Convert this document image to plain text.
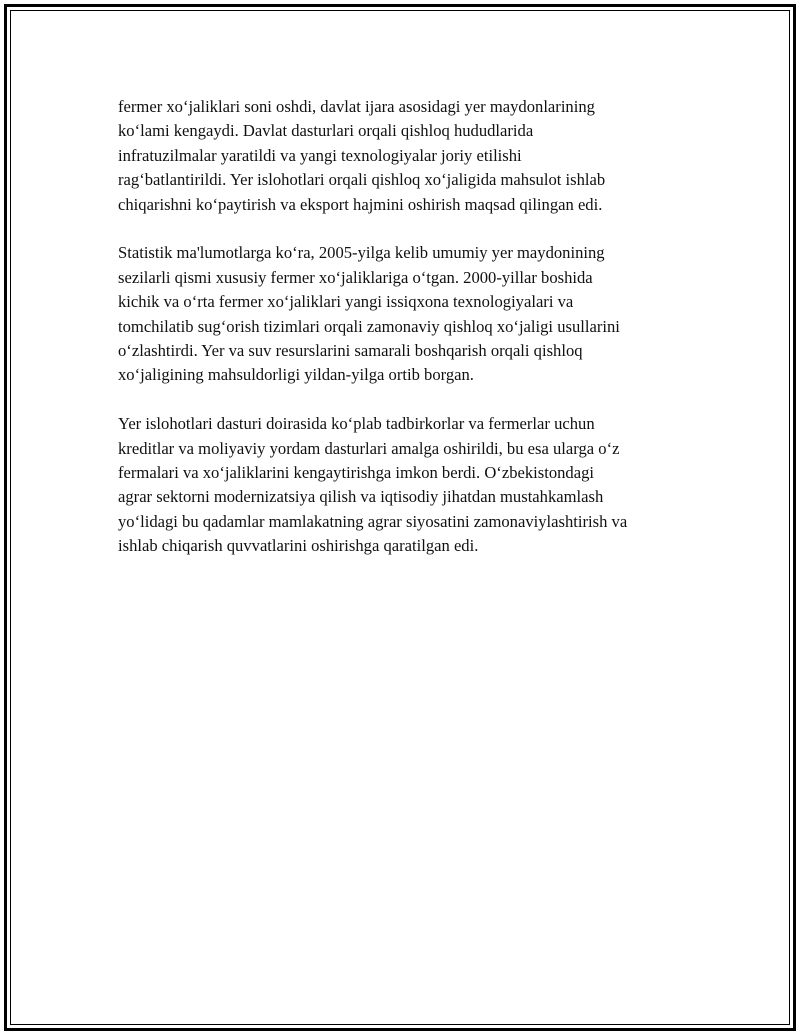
fermer xo‘jaliklari soni oshdi, davlat ijara asosidagi yer maydonlarining
ko‘lami kengaydi. Davlat dasturlari orqali qishloq hududlarida
infratuzilmalar yaratildi va yangi texnologiyalar joriy etilishi
rag‘batlantirildi. Yer islohotlari orqali qishloq xo‘jaligida mahsulot ishlab
chiqarishni ko‘paytirish va eksport hajmini oshirish maqsad qilingan edi.

Statistik ma'lumotlarga ko‘ra, 2005-yilga kelib umumiy yer maydonining
sezilarli qismi xususiy fermer xo‘jaliklariga o‘tgan. 2000-yillar boshida
kichik va o‘rta fermer xo‘jaliklari yangi issiqxona texnologiyalari va
tomchilatib sug‘orish tizimlari orqali zamonaviy qishloq xo‘jaligi usullarini
o‘zlashtirdi. Yer va suv resurslarini samarali boshqarish orqali qishloq
xo‘jaligining mahsuldorligi yildan-yilga ortib borgan.

Yer islohotlari dasturi doirasida ko‘plab tadbirkorlar va fermerlar uchun
kreditlar va moliyaviy yordam dasturlari amalga oshirildi, bu esa ularga o‘z
fermalari va xo‘jaliklarini kengaytirishga imkon berdi. O‘zbekistondagi
agrar sektorni modernizatsiya qilish va iqtisodiy jihatdan mustahkamlash
yo‘lidagi bu qadamlar mamlakatning agrar siyosatini zamonaviylashtirish va
ishlab chiqarish quvvatlarini oshirishga qaratilgan edi.
